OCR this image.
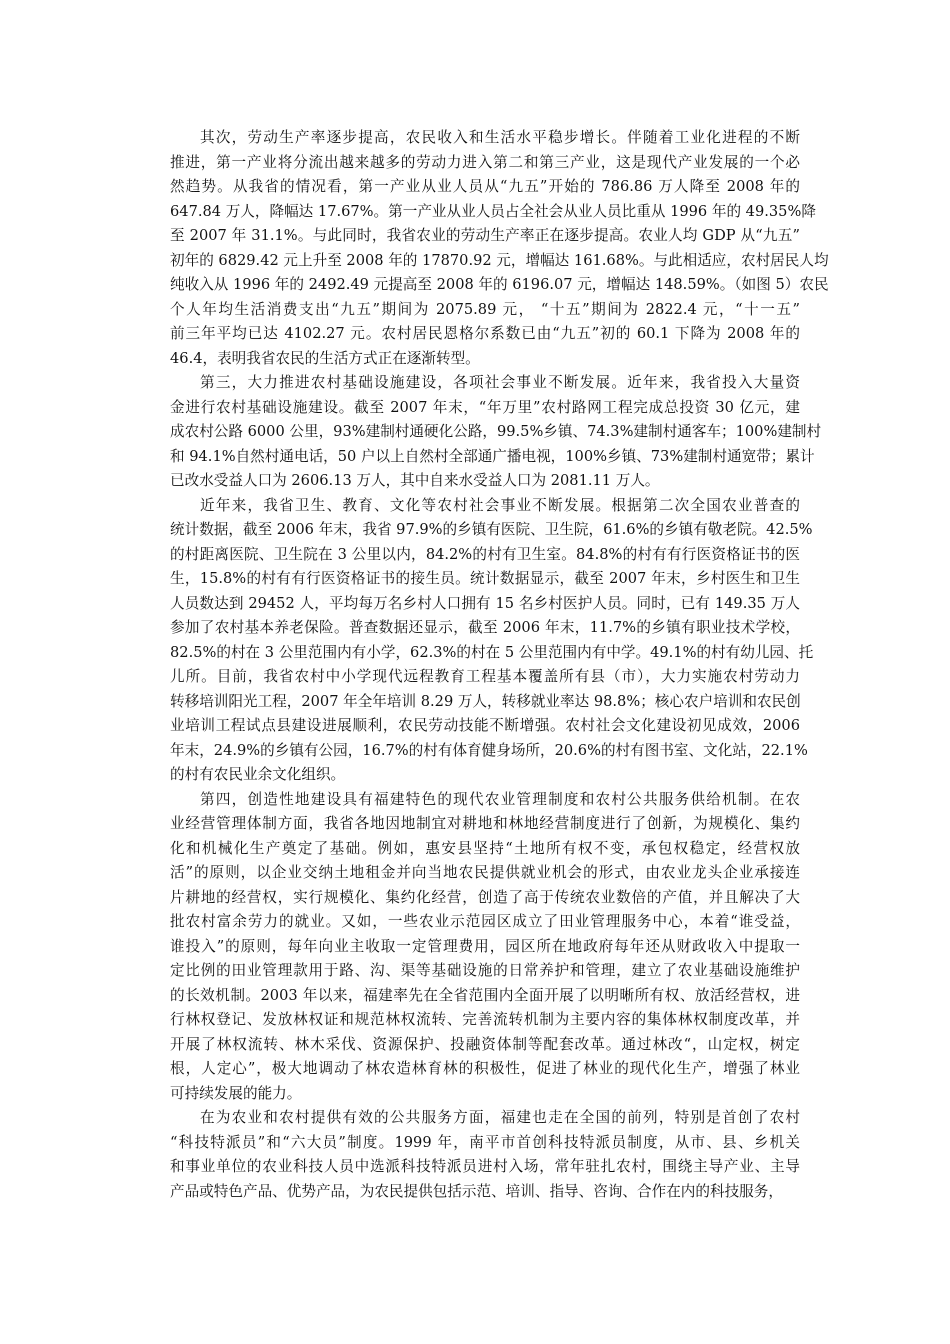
其次，劳动生产率逐步提高，农民收入和生活水平稳步增长。伴随着工业化进程的不断
推进，第一产业将分流出越来越多的劳动力进入第二和第三产业，这是现代产业发展的一个必
然趋势。从我省的情况看，第一产业从业人员从“九五”开始的 786.86 万人降至 2008 年的
647.84 万人，降幅达 17.67%。第一产业从业人员占全社会从业人员比重从 1996 年的 49.35%降
至 2007 年 31.1%。与此同时，我省农业的劳动生产率正在逐步提高。农业人均 GDP 从“九五”
初年的 6829.42 元上升至 2008 年的 17870.92 元，增幅达 161.68%。与此相适应，农村居民人均
纯收入从 1996 年的 2492.49 元提高至 2008 年的 6196.07 元，增幅达 148.59%。（如图 5）农民
个人年均生活消费支出“九五”期间为 2075.89 元， “十五”期间为 2822.4 元，“十一五”
前三年平均已达 4102.27 元。农村居民恩格尔系数已由“九五”初的 60.1 下降为 2008 年的
46.4，表明我省农民的生活方式正在逐渐转型。
第三，大力推进农村基础设施建设，各项社会事业不断发展。近年来，我省投入大量资
金进行农村基础设施建设。截至 2007 年末，“年万里”农村路网工程完成总投资 30 亿元，建
成农村公路 6000 公里，93%建制村通硬化公路，99.5%乡镇、74.3%建制村通客车；100%建制村
和 94.1%自然村通电话，50 户以上自然村全部通广播电视，100%乡镇、73%建制村通宽带；累计
已改水受益人口为 2606.13 万人，其中自来水受益人口为 2081.11 万人。
近年来，我省卫生、教育、文化等农村社会事业不断发展。根据第二次全国农业普查的
统计数据，截至 2006 年末，我省 97.9%的乡镇有医院、卫生院，61.6%的乡镇有敬老院。42.5%
的村距离医院、卫生院在 3 公里以内，84.2%的村有卫生室。84.8%的村有有行医资格证书的医
生，15.8%的村有有行医资格证书的接生员。统计数据显示，截至 2007 年末，乡村医生和卫生
人员数达到 29452 人，平均每万名乡村人口拥有 15 名乡村医护人员。同时，已有 149.35 万人
参加了农村基本养老保险。普查数据还显示，截至 2006 年末，11.7%的乡镇有职业技术学校，
82.5%的村在 3 公里范围内有小学，62.3%的村在 5 公里范围内有中学。49.1%的村有幼儿园、托
儿所。目前，我省农村中小学现代远程教育工程基本覆盖所有县（市），大力实施农村劳动力
转移培训阳光工程，2007 年全年培训 8.29 万人，转移就业率达 98.8%；核心农户培训和农民创
业培训工程试点县建设进展顺利，农民劳动技能不断增强。农村社会文化建设初见成效，2006
年末，24.9%的乡镇有公园，16.7%的村有体育健身场所，20.6%的村有图书室、文化站，22.1%
的村有农民业余文化组织。
第四，创造性地建设具有福建特色的现代农业管理制度和农村公共服务供给机制。在农
业经营管理体制方面，我省各地因地制宜对耕地和林地经营制度进行了创新，为规模化、集约
化和机械化生产奠定了基础。例如，惠安县坚持“土地所有权不变，承包权稳定，经营权放
活”的原则，以企业交纳土地租金并向当地农民提供就业机会的形式，由农业龙头企业承接连
片耕地的经营权，实行规模化、集约化经营，创造了高于传统农业数倍的产值，并且解决了大
批农村富余劳力的就业。又如，一些农业示范园区成立了田业管理服务中心，本着“谁受益，
谁投入”的原则，每年向业主收取一定管理费用，园区所在地政府每年还从财政收入中提取一
定比例的田业管理款用于路、沟、渠等基础设施的日常养护和管理，建立了农业基础设施维护
的长效机制。2003 年以来，福建率先在全省范围内全面开展了以明晰所有权、放活经营权，进
行林权登记、发放林权证和规范林权流转、完善流转机制为主要内容的集体林权制度改革，并
开展了林权流转、林木采伐、资源保护、投融资体制等配套改革。通过林改“，山定权，树定
根，人定心”，极大地调动了林农造林育林的积极性，促进了林业的现代化生产，增强了林业
可持续发展的能力。
在为农业和农村提供有效的公共服务方面，福建也走在全国的前列，特别是首创了农村
“科技特派员”和“六大员”制度。1999 年，南平市首创科技特派员制度，从市、县、乡机关
和事业单位的农业科技人员中选派科技特派员进村入场，常年驻扎农村，围绕主导产业、主导
产品或特色产品、优势产品，为农民提供包括示范、培训、指导、咨询、合作在内的科技服务，
